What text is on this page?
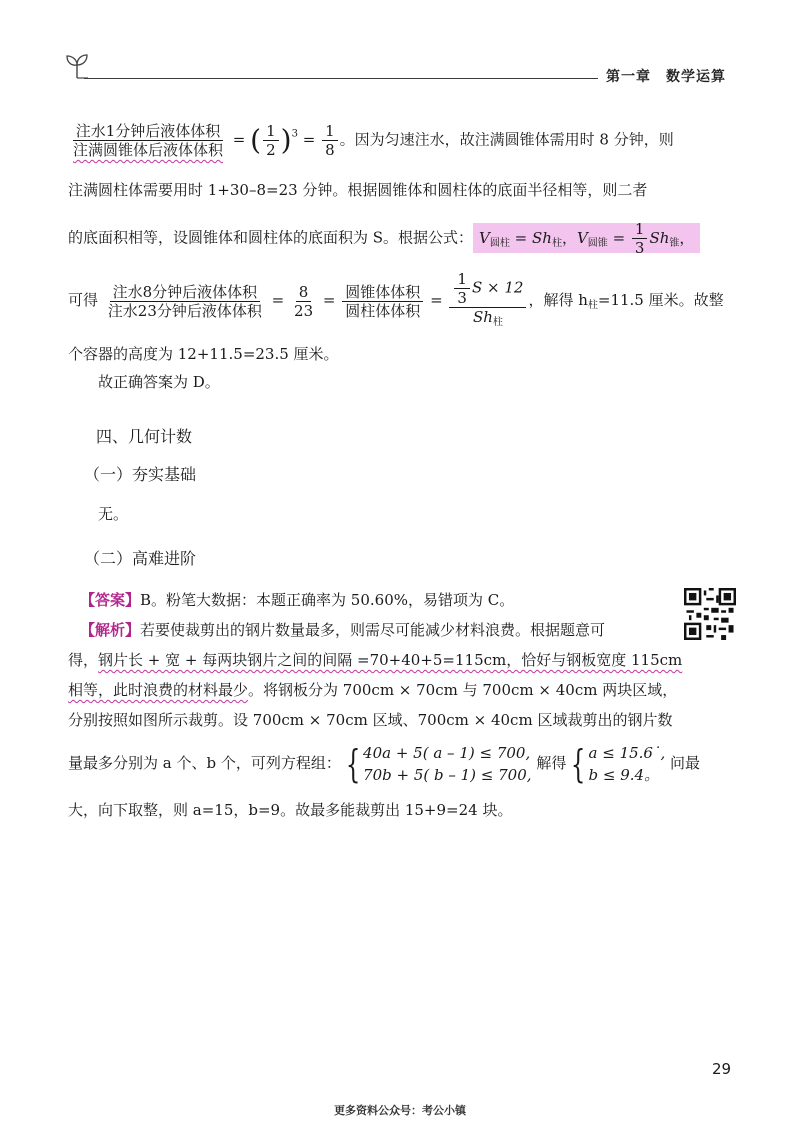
第一章　数学运算
$\frac{\text{注水1分钟后液体体积}}{\text{注满圆锥体后液体体积}}$ = ( $\frac{1}{2} )^3 = \frac{1}{8}$ 。因为匀速注水，故注满圆锥体需用时 8 分钟，则
注满圆柱体需要用时 1+30–8=23 分钟。根据圆锥体和圆柱体的底面半径相等，则二者
的底面积相等，设圆锥体和圆柱体的底面积为 S。根据公式： $V_{圆柱} = Sh_柱$，$V_{圆锥} = \frac{1}{3} Sh_锥$，
可得 $\frac{\text{注水8分钟后液体体积}}{\text{注水23分钟后液体体积}} = \frac{8}{23} = \frac{\text{圆锥体体积}}{\text{圆柱体体积}} = \frac{\frac{1}{3} S \times 12}{Sh_柱}$ ，解得 $h_柱=11.5$ 厘米。故整
个容器的高度为 12+11.5=23.5 厘米。
故正确答案为 D。
四、几何计数
（一）夯实基础
无。
（二）高难进阶
【答案】B。粉笔大数据：本题正确率为 50.60%，易错项为 C。
【解析】若要使裁剪出的钢片数量最多，则需尽可能减少材料浪费。根据题意可
得，钢片长 + 宽 + 每两块钢片之间的间隔 =70+40+5=115cm，恰好与钢板宽度 115cm
相等，此时浪费的材料最少。将钢板分为 700cm × 70cm 与 700cm × 40cm 两块区域，
分别按照如图所示裁剪。设 700cm × 70cm 区域、700cm × 40cm 区域裁剪出的钢片数
量最多分别为 a 个、b 个，可列方程组： { 40a + 5( a – 1) ≤ 700,
70b + 5( b – 1) ≤ 700,
解得 { a ≤ 15.6˙,
b ≤ 9.4。
问最
大，向下取整，则 a=15，b=9。故最多能裁剪出 15+9=24 块。
29
更多资料公众号：考公小镇
